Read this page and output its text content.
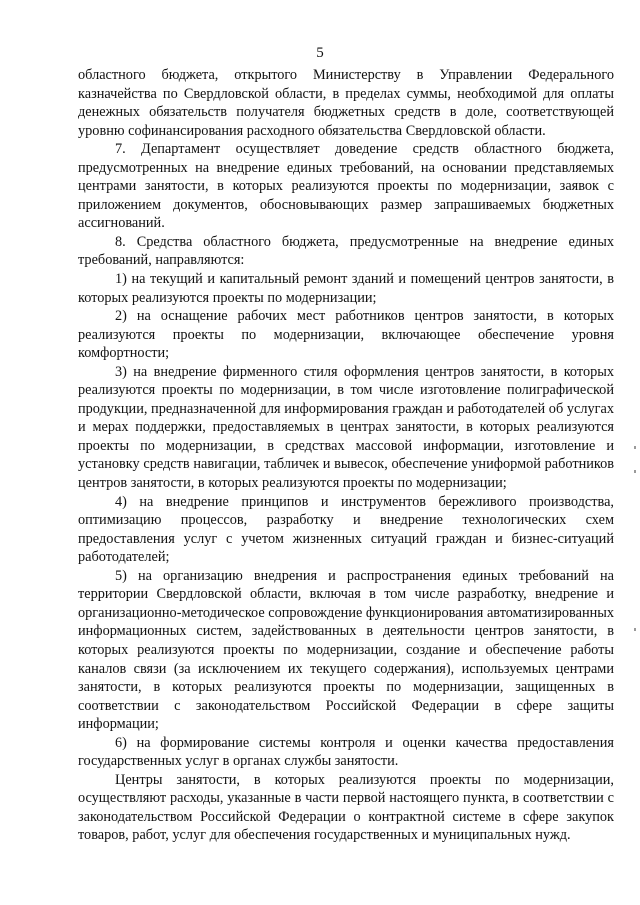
5

областного бюджета, открытого Министерству в Управлении Федерального казначейства по Свердловской области, в пределах суммы, необходимой для оплаты денежных обязательств получателя бюджетных средств в доле, соответствующей уровню софинансирования расходного обязательства Свердловской области.

7. Департамент осуществляет доведение средств областного бюджета, предусмотренных на внедрение единых требований, на основании представляемых центрами занятости, в которых реализуются проекты по модернизации, заявок с приложением документов, обосновывающих размер запрашиваемых бюджетных ассигнований.

8. Средства областного бюджета, предусмотренные на внедрение единых требований, направляются:

1) на текущий и капитальный ремонт зданий и помещений центров занятости, в которых реализуются проекты по модернизации;

2) на оснащение рабочих мест работников центров занятости, в которых реализуются проекты по модернизации, включающее обеспечение уровня комфортности;

3) на внедрение фирменного стиля оформления центров занятости, в которых реализуются проекты по модернизации, в том числе изготовление полиграфической продукции, предназначенной для информирования граждан и работодателей об услугах и мерах поддержки, предоставляемых в центрах занятости, в которых реализуются проекты по модернизации, в средствах массовой информации, изготовление и установку средств навигации, табличек и вывесок, обеспечение униформой работников центров занятости, в которых реализуются проекты по модернизации;

4) на внедрение принципов и инструментов бережливого производства, оптимизацию процессов, разработку и внедрение технологических схем предоставления услуг с учетом жизненных ситуаций граждан и бизнес-ситуаций работодателей;

5) на организацию внедрения и распространения единых требований на территории Свердловской области, включая в том числе разработку, внедрение и организационно-методическое сопровождение функционирования автоматизированных информационных систем, задействованных в деятельности центров занятости, в которых реализуются проекты по модернизации, создание и обеспечение работы каналов связи (за исключением их текущего содержания), используемых центрами занятости, в которых реализуются проекты по модернизации, защищенных в соответствии с законодательством Российской Федерации в сфере защиты информации;

6) на формирование системы контроля и оценки качества предоставления государственных услуг в органах службы занятости.

Центры занятости, в которых реализуются проекты по модернизации, осуществляют расходы, указанные в части первой настоящего пункта, в соответствии с законодательством Российской Федерации о контрактной системе в сфере закупок товаров, работ, услуг для обеспечения государственных и муниципальных нужд.
